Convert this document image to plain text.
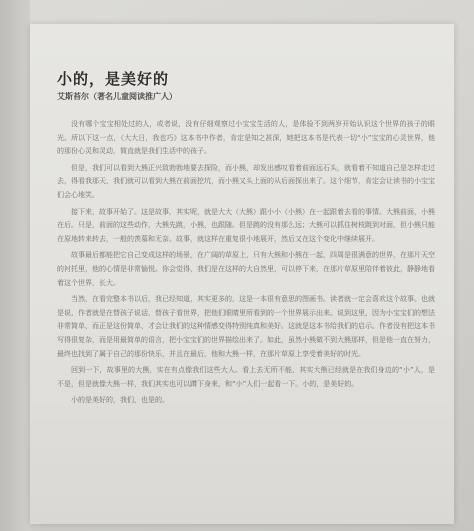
小的，是美好的
艾斯苔尔（著名儿童阅读推广人）

没有哪个宝宝相处过的人，或者说，没有仔细观察过小宝宝生活的人，是体验不到两岁开始认识这个世界的孩子的眼光。所以下这一点，《大大日，我也巧》这本书中作者，肯定是知之甚深，她把这本书是代表一切“小”宝宝的心灵世界，他的那份心灵和灵动，简直就是我们生活中的孩子。

但是，我们可以看到大熊正兴致勃勃地要去探险，而小熊，却发出感叹看着前面远石头，就看着不知道自己是怎样走过去，得看我那天，我们就可以看到大熊在前面挖坑，而小熊又头上面的从后面探出来了。这个细节，肯定会让读书的小宝宝们会心地笑。

接下来，故事开始了。这是故事，其实呢，就是大大（大熊）跟小小（小熊）在一起跟着去看的事情。大熊前面，小熊在后。只是，前面的这些动作，大熊先跳，小熊，也跟随。但是跳的没有那么远；大熊可以抓住树枝跳到对面，但小熊只能在原地转来转去，一般的羡慕和无奈。故事，就这样在重复很小地展开，然后又在这个变化中继续展开。

故事最后都能把它自己变成这样的场景，在广阔的草原上，只有大熊和小熊在一起，四周是很满意的世界，在那片天空的衬托里，他的心情是非常愉悦。你会觉得，我们是在这样的大自然里，可以停下来，在那片草原里陪伴着彼此，静静地看着这个世界，长大。

当然，在看完整本书以后，我已经知道，其实更多的，这是一本很有意思的图画书。读者就一定会喜欢这个故事。也就是说，作者就是在替孩子说话，替孩子看世界，把他们眼睛里所看到的一个世界展示出来。说到这里，因为小宝宝们的想法非常简单，而正是这份简单，才会让我们的这种情感变得特别纯真和美好。这就是这本书给我们的启示。作者没有把这本书写得很复杂，而是用最简单的语言，把小宝宝们的世界描绘出来了。如此，虽然小熊做不到大熊那样，但是他一直在努力，最终也找到了属于自己的那份快乐，并且在最后，他和大熊一样，在那片草原上享受着美好的时光。

回到一下，故事里的大熊，实在有点像我们这些大人。看上去无所不能，其实大熊已经就是在我们身边的“小”人，是不是，但是就像大熊一样，我们其实也可以蹲下身来，和“小”人们一起看一下。小的，是美好的。

小的是美好的，我们，也是的。
